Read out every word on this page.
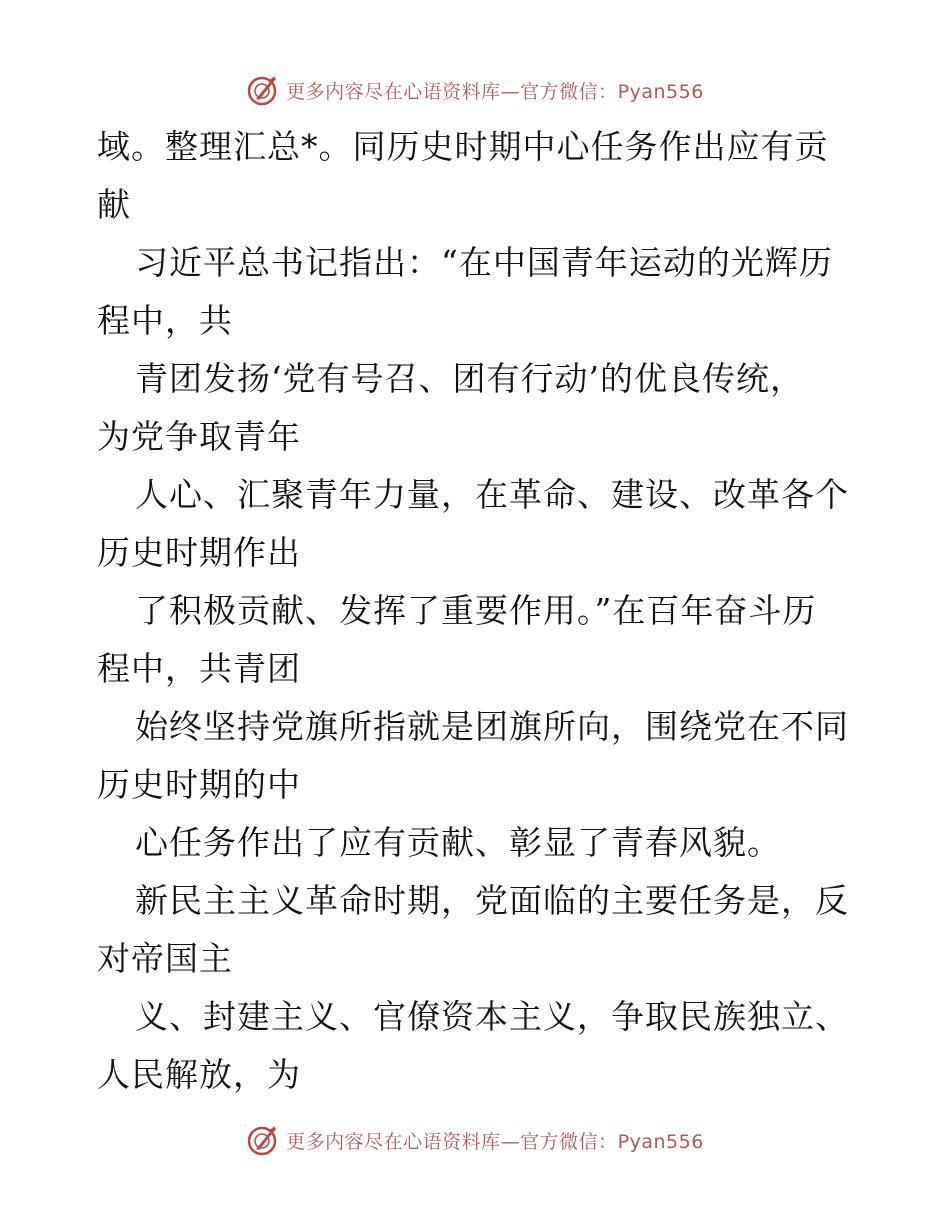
更多内容尽在心语资料库—官方微信：Pyan556
域。整理汇总*。同历史时期中心任务作出应有贡
献
习近平总书记指出：“在中国青年运动的光辉历
程中，共
青团发扬‘党有号召、团有行动’的优良传统，
为党争取青年
人心、汇聚青年力量，在革命、建设、改革各个
历史时期作出
了积极贡献、发挥了重要作用。”在百年奋斗历
程中，共青团
始终坚持党旗所指就是团旗所向，围绕党在不同
历史时期的中
心任务作出了应有贡献、彰显了青春风貌。
新民主主义革命时期，党面临的主要任务是，反
对帝国主
义、封建主义、官僚资本主义，争取民族独立、
人民解放，为
更多内容尽在心语资料库—官方微信：Pyan556
